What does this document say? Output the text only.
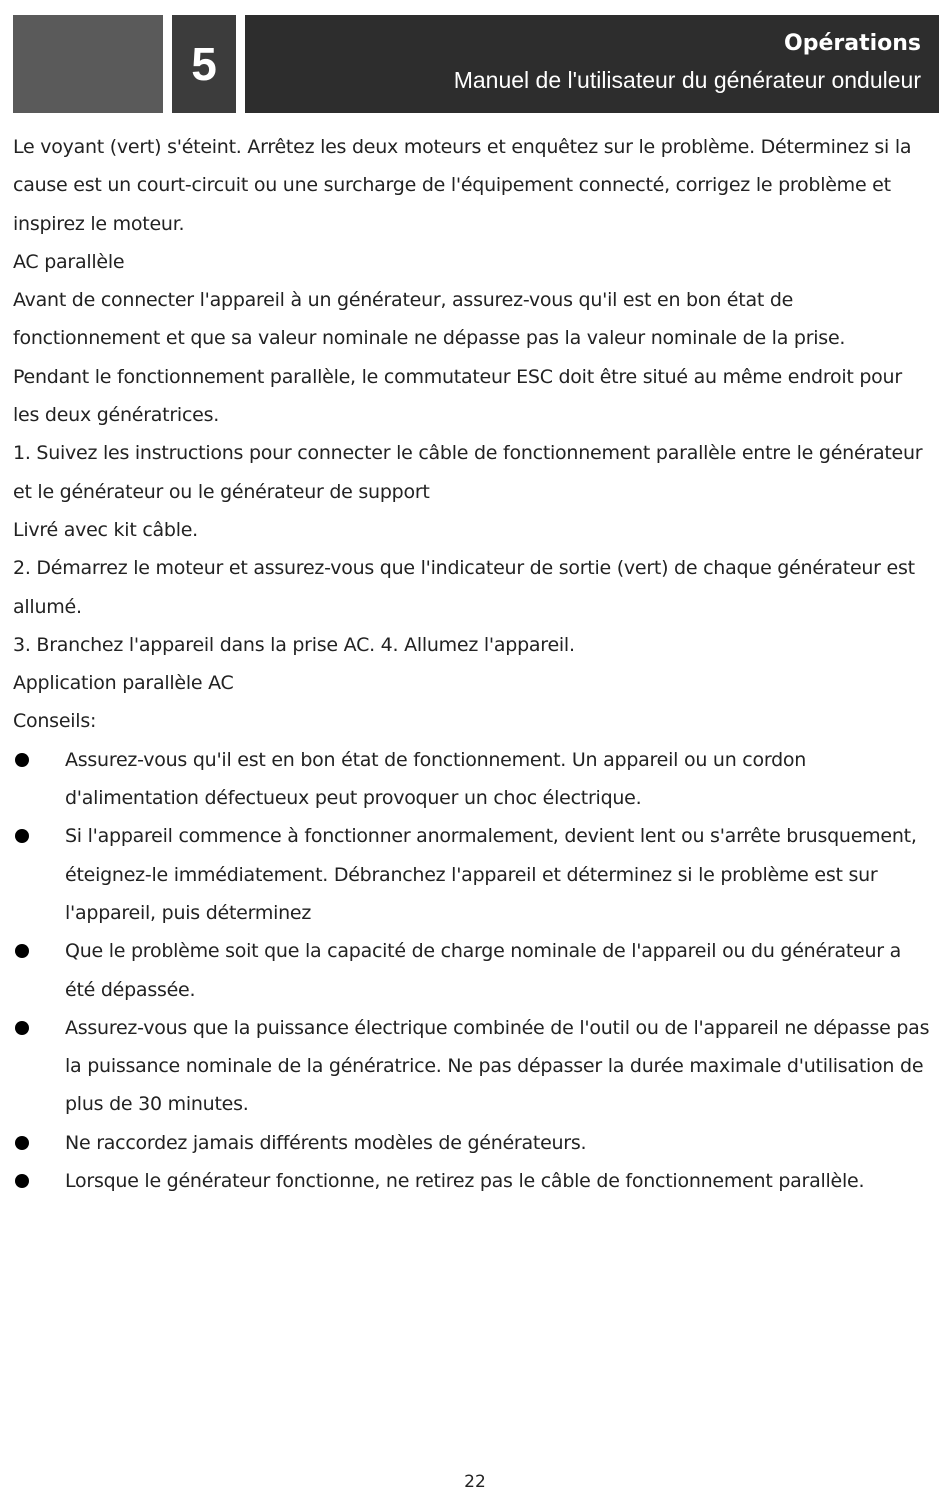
5	Opérations
Manuel de l'utilisateur du générateur onduleur

Le voyant (vert) s'éteint. Arrêtez les deux moteurs et enquêtez sur le problème. Déterminez si la cause est un court-circuit ou une surcharge de l'équipement connecté, corrigez le problème et inspirez le moteur.

AC parallèle

Avant de connecter l'appareil à un générateur, assurez-vous qu'il est en bon état de fonctionnement et que sa valeur nominale ne dépasse pas la valeur nominale de la prise.

Pendant le fonctionnement parallèle, le commutateur ESC doit être situé au même endroit pour les deux génératrices.

1. Suivez les instructions pour connecter le câble de fonctionnement parallèle entre le générateur et le générateur ou le générateur de support

Livré avec kit câble.

2. Démarrez le moteur et assurez-vous que l'indicateur de sortie (vert) de chaque générateur est allumé.

3. Branchez l'appareil dans la prise AC. 4. Allumez l'appareil.

Application parallèle AC

Conseils:

Assurez-vous qu'il est en bon état de fonctionnement. Un appareil ou un cordon d'alimentation défectueux peut provoquer un choc électrique.
Si l'appareil commence à fonctionner anormalement, devient lent ou s'arrête brusquement, éteignez-le immédiatement. Débranchez l'appareil et déterminez si le problème est sur l'appareil, puis déterminez
Que le problème soit que la capacité de charge nominale de l'appareil ou du générateur a été dépassée.
Assurez-vous que la puissance électrique combinée de l'outil ou de l'appareil ne dépasse pas la puissance nominale de la génératrice. Ne pas dépasser la durée maximale d'utilisation de plus de 30 minutes.
Ne raccordez jamais différents modèles de générateurs.
Lorsque le générateur fonctionne, ne retirez pas le câble de fonctionnement parallèle.
22
